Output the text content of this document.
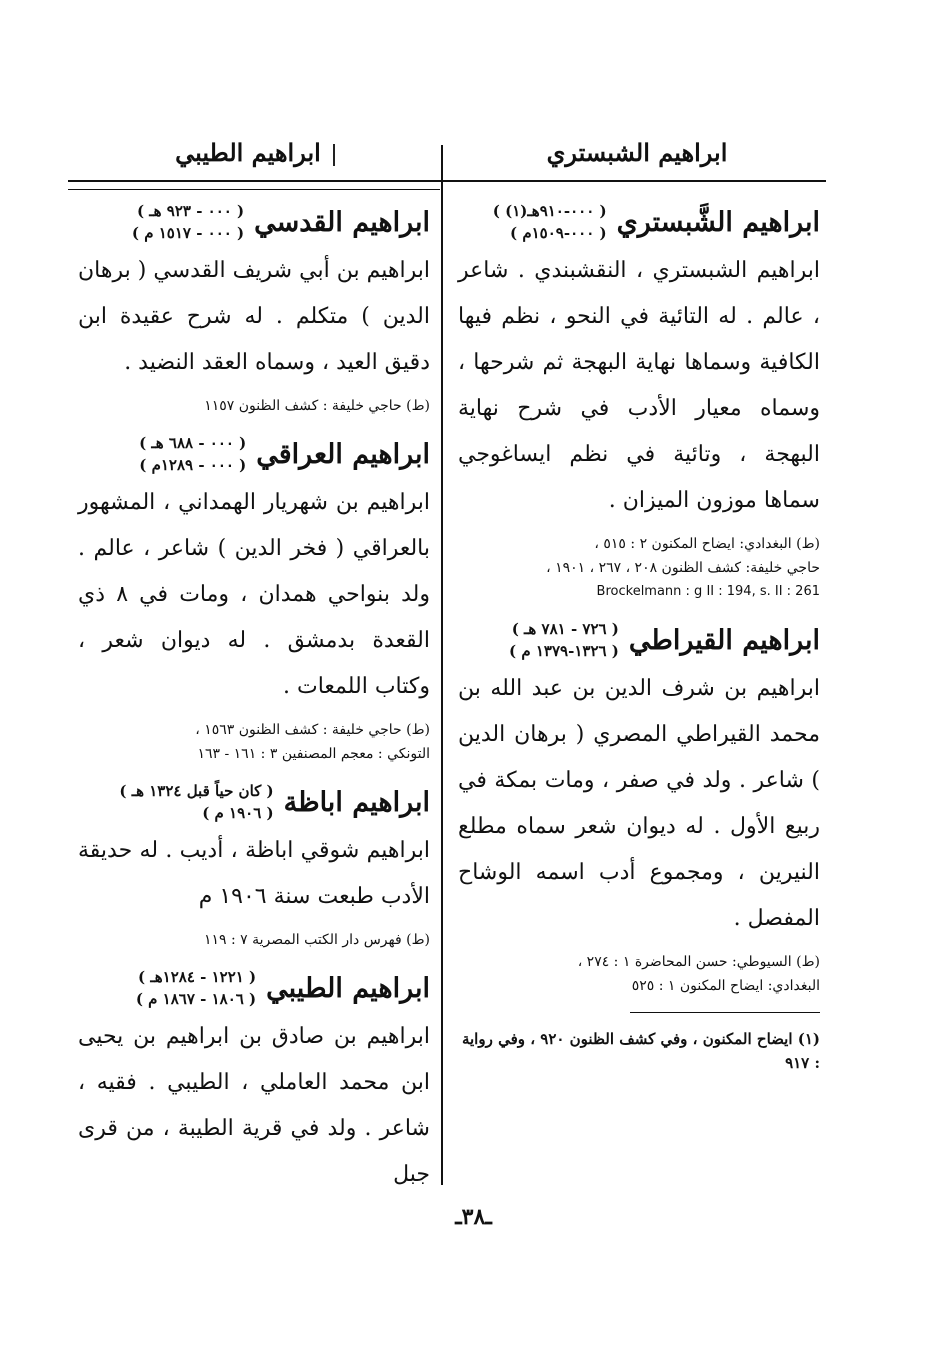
ابراهيم الشبستري
ابراهيم الطيبي
ابراهيم الشَّبستري
( ٠٠٠-٩١٠هـ(١) )
( ٠٠٠-١٥٠٩م )
ابراهيم الشبستري ، النقشبندي . شاعر ، عالم . له التائية في النحو ، نظم فيها الكافية وسماها نهاية البهجة ثم شرحها ، وسماه معيار الأدب في شرح نهاية البهجة ، وتائية في نظم ايساغوجي سماها موزون الميزان .
(ط) البغدادي: ايضاح المكنون ٢ : ٥١٥ ،
حاجي خليفة: كشف الظنون ٢٠٨ ، ٢٦٧ ، ١٩٠١ ،
Brockelmann : g II : 194, s. II : 261
ابراهيم القيراطي
( ٧٢٦ - ٧٨١ هـ )
( ١٣٢٦-١٣٧٩ م )
ابراهيم بن شرف الدين بن عبد الله بن محمد القيراطي المصري ( برهان الدين ) شاعر . ولد في صفر ، ومات بمكة في ربيع الأول . له ديوان شعر سماه مطلع النيرين ، ومجموع أدب اسمه الوشاح المفصل .
(ط) السيوطي: حسن المحاضرة ١ : ٢٧٤ ،
البغدادي: ايضاح المكنون ١ : ٥٢٥
(١) ايضاح المكنون ، وفي كشف الظنون ٩٢٠ ، وفي رواية : ٩١٧
ابراهيم القدسي
( ٠٠٠ - ٩٢٣ هـ )
( ٠٠٠ - ١٥١٧ م )
ابراهيم بن أبي شريف القدسي ( برهان الدين ) متكلم . له شرح عقيدة ابن دقيق العيد ، وسماه العقد النضيد .
(ط) حاجي خليفة : كشف الظنون ١١٥٧
ابراهيم العراقي
( ٠٠٠ - ٦٨٨ هـ )
( ٠٠٠ - ١٢٨٩م )
ابراهيم بن شهريار الهمداني ، المشهور بالعراقي ( فخر الدين ) شاعر ، عالم . ولد بنواحي همدان ، ومات في ٨ ذي القعدة بدمشق . له ديوان شعر ، وكتاب اللمعات .
(ط) حاجي خليفة : كشف الظنون ١٥٦٣ ،
التونكي : معجم المصنفين ٣ : ١٦١ - ١٦٣
ابراهيم اباظة
( كان حياً قبل ١٣٢٤ هـ )
( ١٩٠٦ م )
ابراهيم شوقي اباظة ، أديب . له حديقة الأدب طبعت سنة ١٩٠٦ م
(ط) فهرس دار الكتب المصرية ٧ : ١١٩
ابراهيم الطيبي
( ١٢٢١ - ١٢٨٤هـ )
( ١٨٠٦ - ١٨٦٧ م )
ابراهيم بن صادق بن ابراهيم بن يحيى ابن محمد العاملي ، الطيبي . فقيه ، شاعر . ولد في قرية الطيبة ، من قرى جبل
ـ٣٨ـ
